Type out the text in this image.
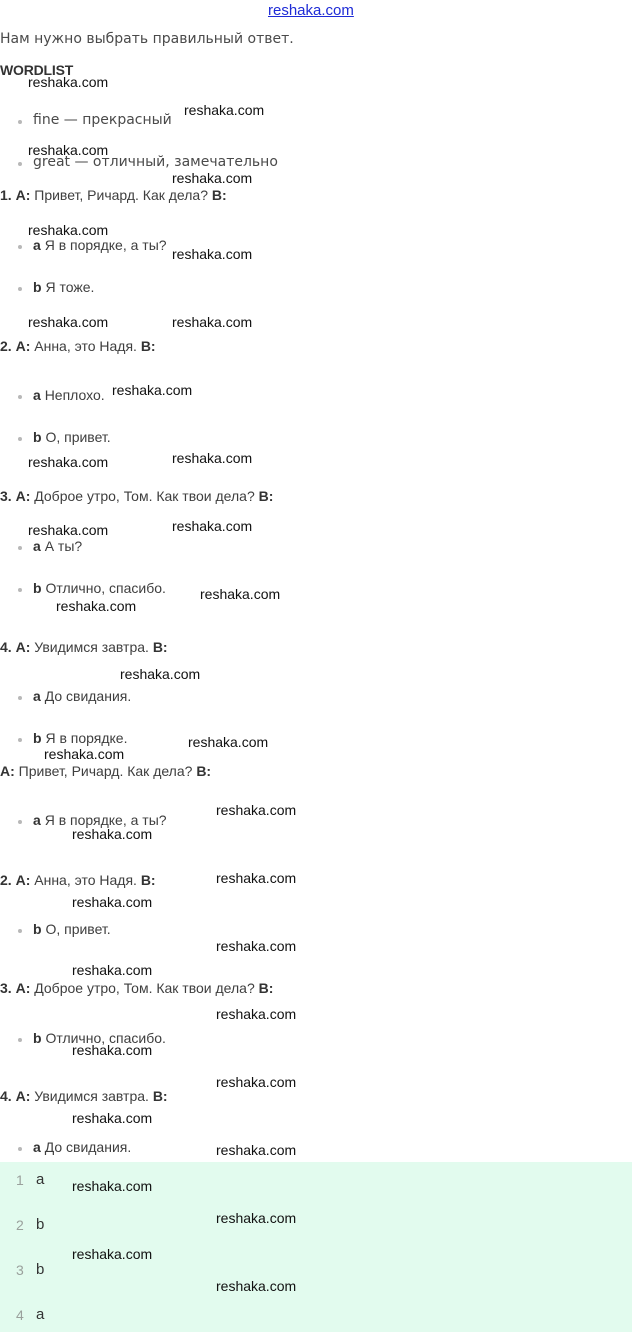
reshaka.com
Нам нужно выбрать правильный ответ.
WORDLIST
reshaka.com
fine — прекрасный
reshaka.com
reshaka.com
great — отличный, замечательно
reshaka.com
1. A: Привет, Ричард. Как дела? B:
reshaka.com
a Я в порядке, а ты?
reshaka.com
b Я тоже.
reshaka.com	reshaka.com
2. A: Анна, это Надя. B:
reshaka.com
a Неплохо.
b О, привет.
reshaka.com	reshaka.com
3. A: Доброе утро, Том. Как твои дела? B:
reshaka.com	reshaka.com
a А ты?
b Отлично, спасибо. reshaka.com
reshaka.com
4. A: Увидимся завтра. B:
reshaka.com
a До свидания.
b Я в порядке.	reshaka.com
reshaka.com
A: Привет, Ричард. Как дела? B:
reshaka.com
a Я в порядке, а ты?
reshaka.com
2. A: Анна, это Надя. B:	reshaka.com
reshaka.com
b О, привет.
reshaka.com
reshaka.com
3. A: Доброе утро, Том. Как твои дела? B:
reshaka.com
b Отлично, спасибо.
reshaka.com
reshaka.com
4. A: Увидимся завтра. B:
reshaka.com
a До свидания.	reshaka.com
1 a reshaka.com
2 b	reshaka.com
reshaka.com
3 b
reshaka.com
4 a
